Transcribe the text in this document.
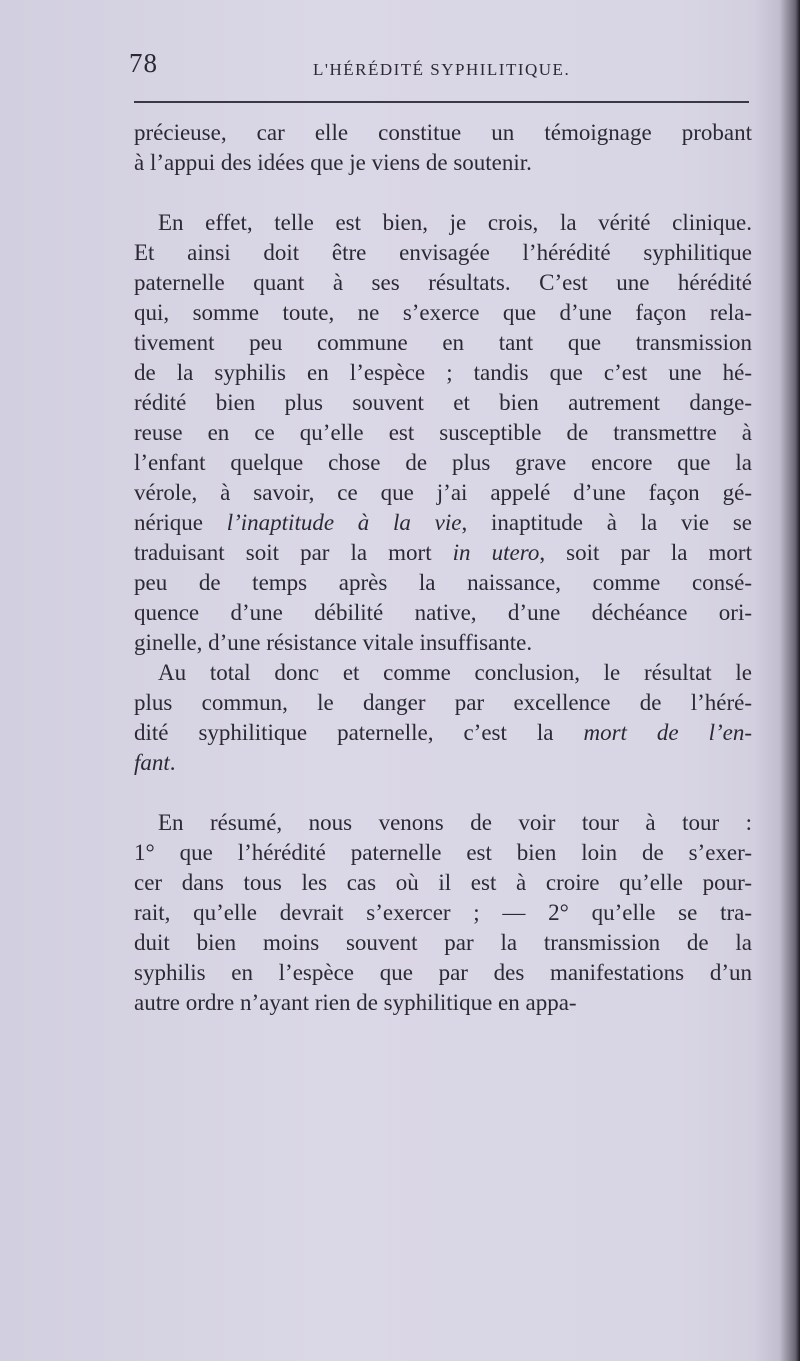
78	L'HÉRÉDITÉ SYPHILITIQUE.
précieuse, car elle constitue un témoignage probant
à l’appui des idées que je viens de soutenir.
En effet, telle est bien, je crois, la vérité clinique.
Et ainsi doit être envisagée l’hérédité syphilitique
paternelle quant à ses résultats. C’est une hérédité
qui, somme toute, ne s’exerce que d’une façon rela-
tivement peu commune en tant que transmission
de la syphilis en l’espèce ; tandis que c’est une hé-
rédité bien plus souvent et bien autrement dange-
reuse en ce qu’elle est susceptible de transmettre à
l’enfant quelque chose de plus grave encore que la
vérole, à savoir, ce que j’ai appelé d’une façon gé-
nérique l’inaptitude à la vie, inaptitude à la vie se
traduisant soit par la mort in utero, soit par la mort
peu de temps après la naissance, comme consé-
quence d’une débilité native, d’une déchéance ori-
ginelle, d’une résistance vitale insuffisante.
Au total donc et comme conclusion, le résultat le
plus commun, le danger par excellence de l’héré-
dité syphilitique paternelle, c’est la mort de l’en-
fant.
En résumé, nous venons de voir tour à tour :
1° que l’hérédité paternelle est bien loin de s’exer-
cer dans tous les cas où il est à croire qu’elle pour-
rait, qu’elle devrait s’exercer ; — 2° qu’elle se tra-
duit bien moins souvent par la transmission de la
syphilis en l’espèce que par des manifestations d’un
autre ordre n’ayant rien de syphilitique en appa-
